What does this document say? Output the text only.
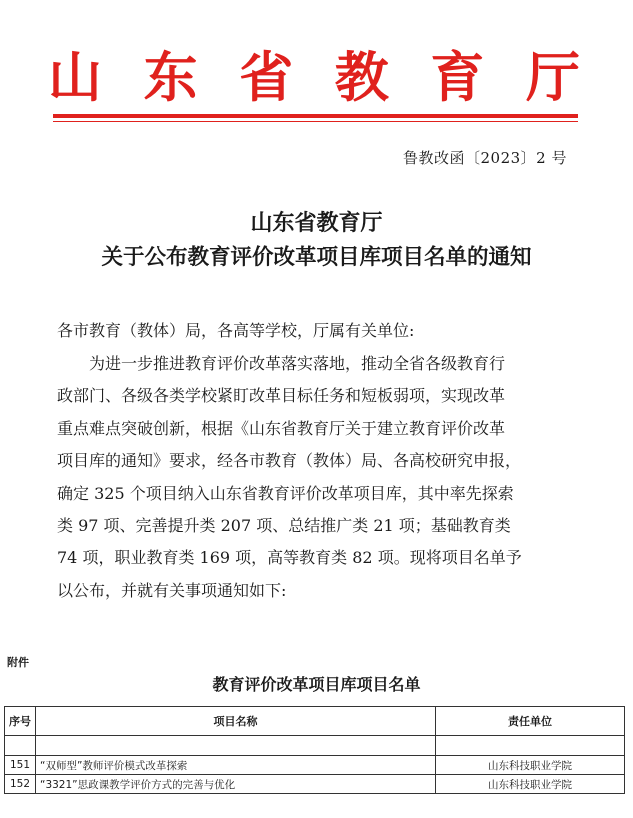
山 东 省 教 育 厅
鲁教改函〔2023〕2 号
山东省教育厅
关于公布教育评价改革项目库项目名单的通知
各市教育（教体）局，各高等学校，厅属有关单位:
为进一步推进教育评价改革落实落地，推动全省各级教育行
政部门、各级各类学校紧盯改革目标任务和短板弱项，实现改革
重点难点突破创新，根据《山东省教育厅关于建立教育评价改革
项目库的通知》要求，经各市教育（教体）局、各高校研究申报，
确定 325 个项目纳入山东省教育评价改革项目库，其中率先探索
类 97 项、完善提升类 207 项、总结推广类 21 项；基础教育类
74 项，职业教育类 169 项，高等教育类 82 项。现将项目名单予
以公布，并就有关事项通知如下:
附件
教育评价改革项目库项目名单
序号	项目名称	责任单位

151	“双师型”教师评价模式改革探索	山东科技职业学院
152	“3321”思政课教学评价方式的完善与优化	山东科技职业学院
